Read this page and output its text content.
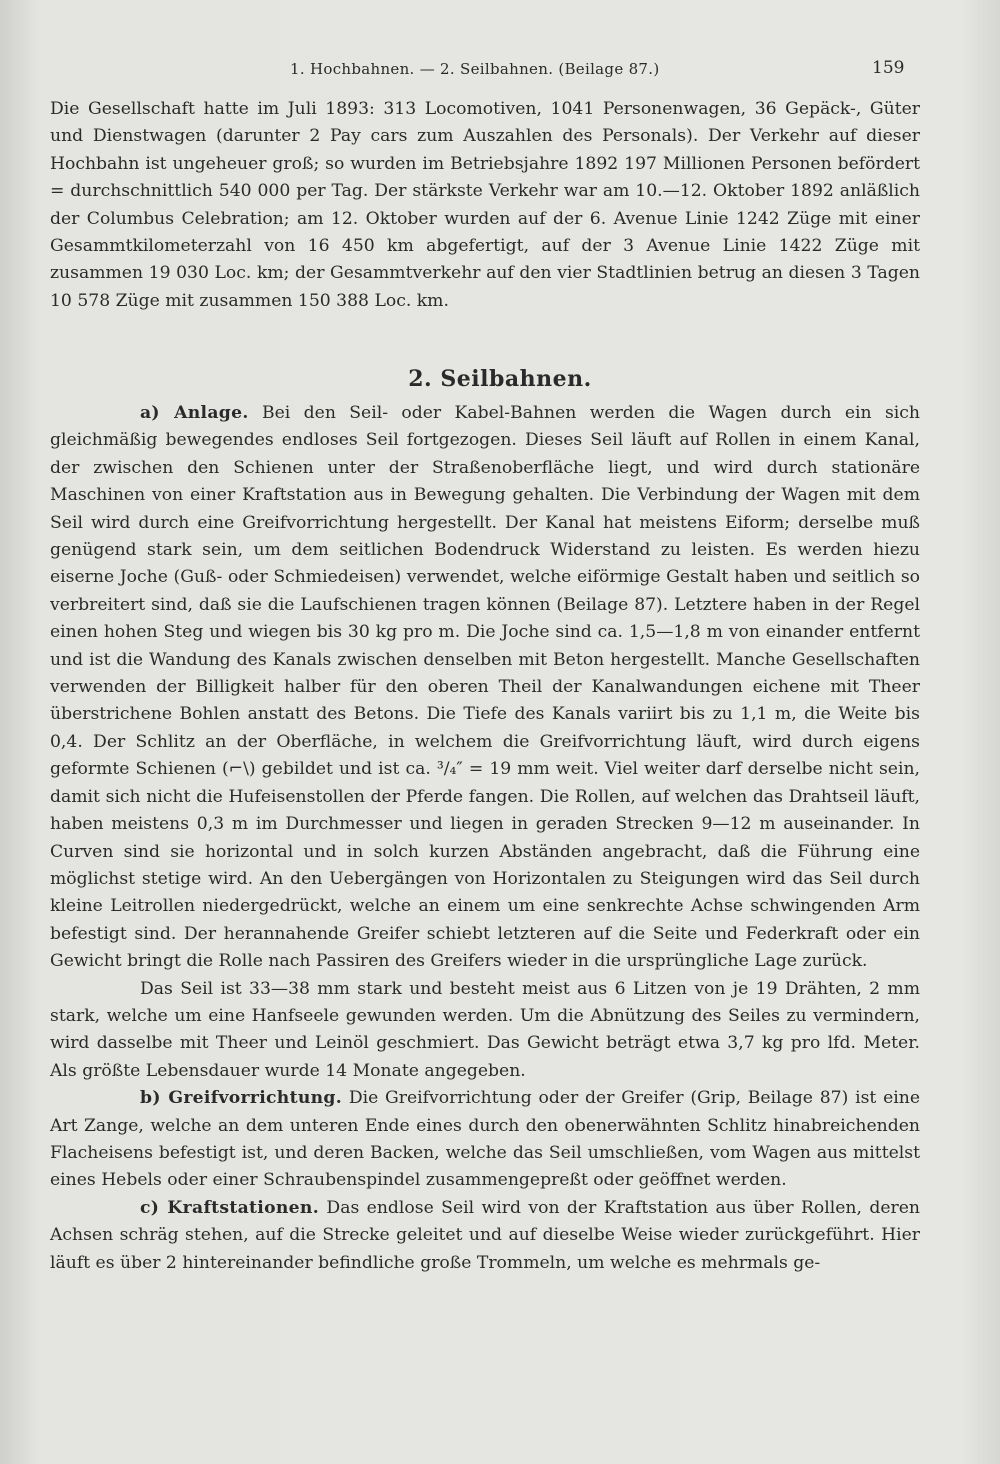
1. Hochbahnen. — 2. Seilbahnen. (Beilage 87.)	159

Die Gesellschaft hatte im Juli 1893: 313 Locomotiven, 1041 Personenwagen, 36 Gepäck-, Güter und Dienstwagen (darunter 2 Pay cars zum Auszahlen des Personals). Der Verkehr auf dieser Hochbahn ist ungeheuer groß; so wurden im Betriebsjahre 1892 197 Millionen Personen befördert = durchschnittlich 540 000 per Tag. Der stärkste Verkehr war am 10.—12. Oktober 1892 anläßlich der Columbus Celebration; am 12. Oktober wurden auf der 6. Avenue Linie 1242 Züge mit einer Gesammtkilometerzahl von 16 450 km abgefertigt, auf der 3 Avenue Linie 1422 Züge mit zusammen 19 030 Loc. km; der Gesammtverkehr auf den vier Stadtlinien betrug an diesen 3 Tagen 10 578 Züge mit zusammen 150 388 Loc. km.

2. Seilbahnen.

a) Anlage. Bei den Seil- oder Kabel-Bahnen werden die Wagen durch ein sich gleichmäßig bewegendes endloses Seil fortgezogen. Dieses Seil läuft auf Rollen in einem Kanal, der zwischen den Schienen unter der Straßenoberfläche liegt, und wird durch stationäre Maschinen von einer Kraftstation aus in Bewegung gehalten. Die Verbindung der Wagen mit dem Seil wird durch eine Greifvorrichtung hergestellt. Der Kanal hat meistens Eiform; derselbe muß genügend stark sein, um dem seitlichen Bodendruck Widerstand zu leisten. Es werden hiezu eiserne Joche (Guß- oder Schmiedeisen) verwendet, welche eiförmige Gestalt haben und seitlich so verbreitert sind, daß sie die Laufschienen tragen können (Beilage 87). Letztere haben in der Regel einen hohen Steg und wiegen bis 30 kg pro m. Die Joche sind ca. 1,5—1,8 m von einander entfernt und ist die Wandung des Kanals zwischen denselben mit Beton hergestellt. Manche Gesellschaften verwenden der Billigkeit halber für den oberen Theil der Kanalwandungen eichene mit Theer überstrichene Bohlen anstatt des Betons. Die Tiefe des Kanals variirt bis zu 1,1 m, die Weite bis 0,4. Der Schlitz an der Oberfläche, in welchem die Greifvorrichtung läuft, wird durch eigens geformte Schienen (⌐\) gebildet und ist ca. ³/₄″ = 19 mm weit. Viel weiter darf derselbe nicht sein, damit sich nicht die Hufeisenstollen der Pferde fangen. Die Rollen, auf welchen das Drahtseil läuft, haben meistens 0,3 m im Durchmesser und liegen in geraden Strecken 9—12 m auseinander. In Curven sind sie horizontal und in solch kurzen Abständen angebracht, daß die Führung eine möglichst stetige wird. An den Uebergängen von Horizontalen zu Steigungen wird das Seil durch kleine Leitrollen niedergedrückt, welche an einem um eine senkrechte Achse schwingenden Arm befestigt sind. Der herannahende Greifer schiebt letzteren auf die Seite und Federkraft oder ein Gewicht bringt die Rolle nach Passiren des Greifers wieder in die ursprüngliche Lage zurück.

Das Seil ist 33—38 mm stark und besteht meist aus 6 Litzen von je 19 Drähten, 2 mm stark, welche um eine Hanfseele gewunden werden. Um die Abnützung des Seiles zu vermindern, wird dasselbe mit Theer und Leinöl geschmiert. Das Gewicht beträgt etwa 3,7 kg pro lfd. Meter. Als größte Lebensdauer wurde 14 Monate angegeben.

b) Greifvorrichtung. Die Greifvorrichtung oder der Greifer (Grip, Beilage 87) ist eine Art Zange, welche an dem unteren Ende eines durch den obenerwähnten Schlitz hinabreichenden Flacheisens befestigt ist, und deren Backen, welche das Seil umschließen, vom Wagen aus mittelst eines Hebels oder einer Schraubenspindel zusammengepreßt oder geöffnet werden.

c) Kraftstationen. Das endlose Seil wird von der Kraftstation aus über Rollen, deren Achsen schräg stehen, auf die Strecke geleitet und auf dieselbe Weise wieder zurückgeführt. Hier läuft es über 2 hintereinander befindliche große Trommeln, um welche es mehrmals ge-
